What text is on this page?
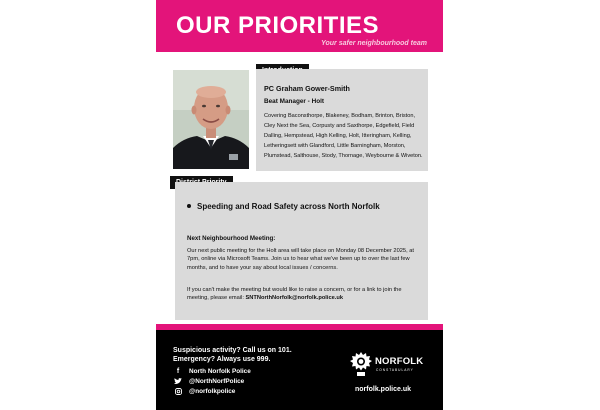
OUR PRIORITIES
Your safer neighbourhood team
PC Graham Gower-Smith
Beat Manager - Holt
Covering Baconsthorpe, Blakeney, Bodham, Brinton, Briston, Cley Next the Sea, Corpusty and Saxthorpe, Edgefield, Field Dalling, Hempstead, High Kelling, Holt, Itteringham, Kelling, Letheringsett with Glandford, Little Barningham, Morston, Plumstead, Salthouse, Stody, Thornage, Weybourne & Wiveton.
Speeding and Road Safety across North Norfolk
Next Neighbourhood Meeting:
Our next public meeting for the Holt area will take place on Monday 08 December 2025, at 7pm, online via Microsoft Teams. Join us to hear what we've been up to over the last few months, and to have your say about local issues / concerns.
If you can't make the meeting but would like to raise a concern, or for a link to join the meeting, please email: SNTNorthNorfolk@norfolk.police.uk
Suspicious activity? Call us on 101.
Emergency? Always use 999.
f North Norfolk Police
@NorthNorfPolice
@norfolkpolice
NORFOLK
CONSTABULARY
norfolk.police.uk
